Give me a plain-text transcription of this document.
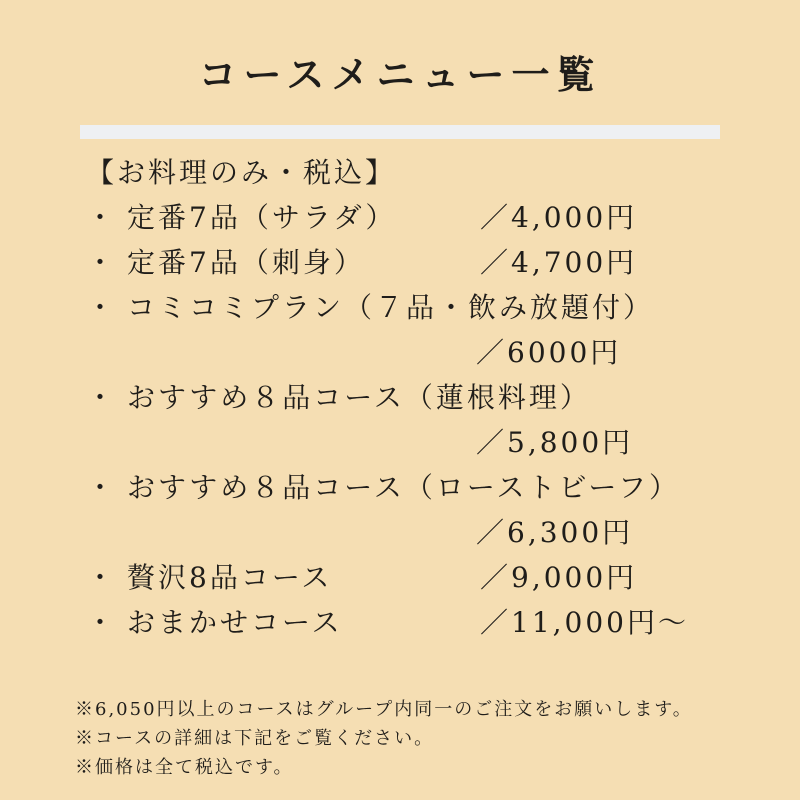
コースメニュー一覧
【お料理のみ・税込】
・ 定番7品（サラダ）	／4,000円
・ 定番7品（刺身）	／4,700円
・ コミコミプラン（７品・飲み放題付）
／6000円
・ おすすめ８品コース（蓮根料理）
／5,800円
・ おすすめ８品コース（ローストビーフ）
／6,300円
・ 贅沢8品コース	／9,000円
・ おまかせコース	／11,000円～

※6,050円以上のコースはグループ内同一のご注文をお願いします。

※コースの詳細は下記をご覧ください。

※価格は全て税込です。
